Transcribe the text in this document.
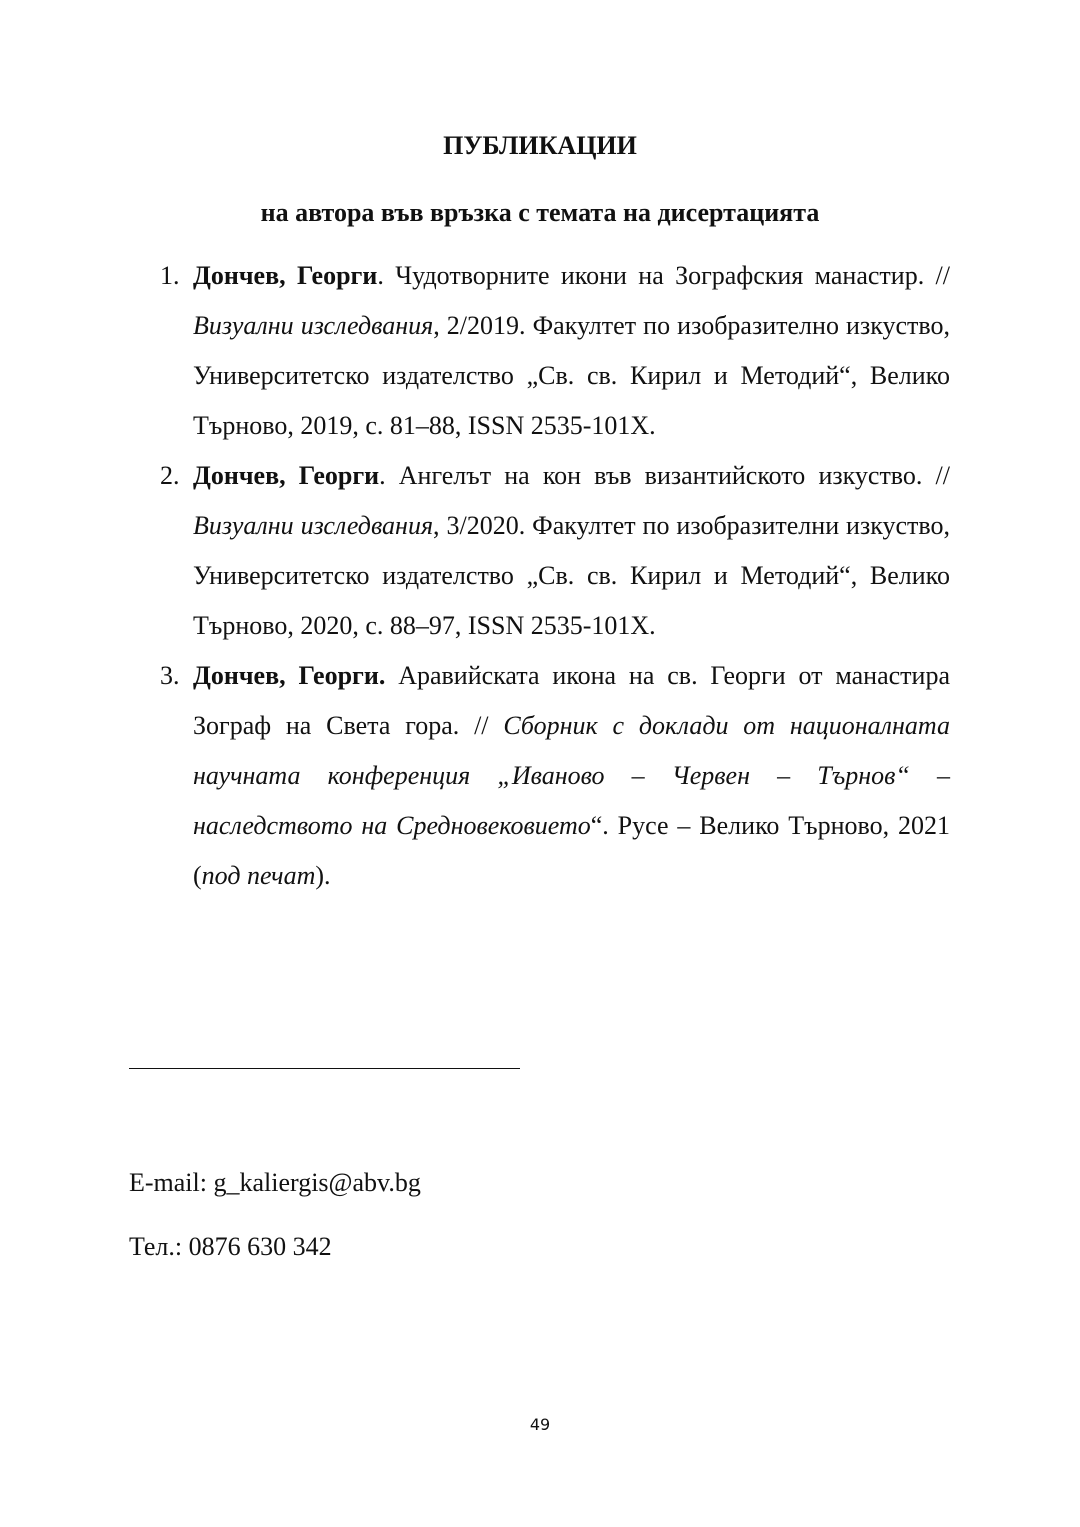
ПУБЛИКАЦИИ
на автора във връзка с темата на дисертацията
1. Дончев, Георги. Чудотворните икони на Зографския манастир. // Визуални изследвания, 2/2019. Факултет по изобразително изкуство, Университетско издателство „Св. св. Кирил и Методий“, Велико Търново, 2019, с. 81–88, ISSN 2535-101X.
2. Дончев, Георги. Ангелът на кон във византийското изкуство. // Визуални изследвания, 3/2020. Факултет по изобразителни изкуство, Университетско издателство „Св. св. Кирил и Методий“, Велико Търново, 2020, с. 88–97, ISSN 2535-101X.
3. Дончев, Георги. Аравийската икона на св. Георги от манастира Зограф на Света гора. // Сборник с доклади от националната научната конференция „Иваново – Червен – Търнов“ – наследството на Средновековието“. Русе – Велико Търново, 2021 (под печат).
E-mail: g_kaliergis@abv.bg
Тел.: 0876 630 342
49
